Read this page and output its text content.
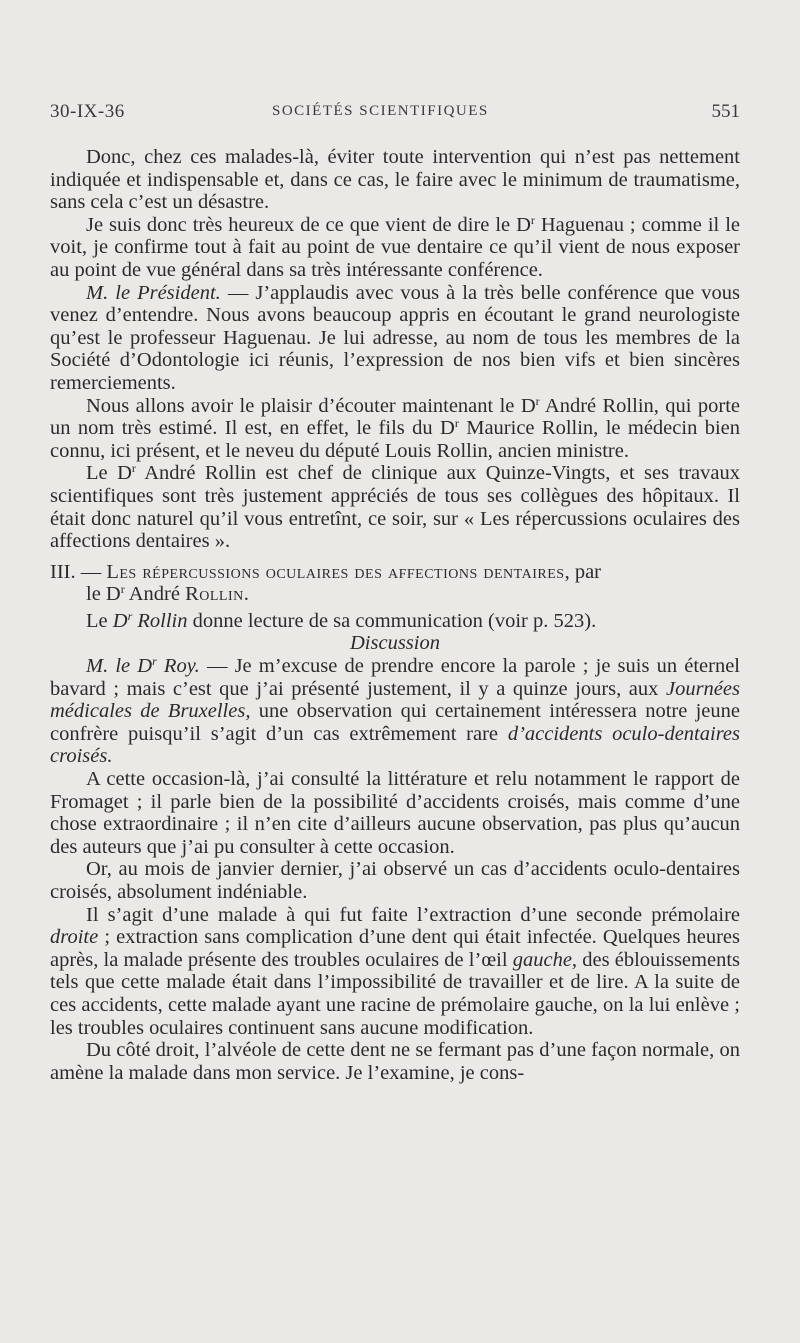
30-IX-36	SOCIÉTÉS SCIENTIFIQUES	551

Donc, chez ces malades-là, éviter toute intervention qui n’est pas nettement indiquée et indispensable et, dans ce cas, le faire avec le minimum de traumatisme, sans cela c’est un désastre.

Je suis donc très heureux de ce que vient de dire le $D^r$ Haguenau ; comme il le voit, je confirme tout à fait au point de vue dentaire ce qu’il vient de nous exposer au point de vue général dans sa très intéressante conférence.

M. le Président. — J’applaudis avec vous à la très belle conférence que vous venez d’entendre. Nous avons beaucoup appris en écoutant le grand neurologiste qu’est le professeur Haguenau. Je lui adresse, au nom de tous les membres de la Société d’Odontologie ici réunis, l’expression de nos bien vifs et bien sincères remerciements.

Nous allons avoir le plaisir d’écouter maintenant le $D^r$ André Rollin, qui porte un nom très estimé. Il est, en effet, le fils du $D^r$ Maurice Rollin, le médecin bien connu, ici présent, et le neveu du député Louis Rollin, ancien ministre.

Le $D^r$ André Rollin est chef de clinique aux Quinze-Vingts, et ses travaux scientifiques sont très justement appréciés de tous ses collègues des hôpitaux. Il était donc naturel qu’il vous entretînt, ce soir, sur « Les répercussions oculaires des affections dentaires ».

III. — Les répercussions oculaires des affections dentaires, par
le $D^r$ André Rollin.

Le $D^r$ Rollin donne lecture de sa communication (voir p. 523).

Discussion

M. le $D^r$ Roy. — Je m’excuse de prendre encore la parole ; je suis un éternel bavard ; mais c’est que j’ai présenté justement, il y a quinze jours, aux Journées médicales de Bruxelles, une observation qui certainement intéressera notre jeune confrère puisqu’il s’agit d’un cas extrêmement rare d’accidents oculo-dentaires croisés.

A cette occasion-là, j’ai consulté la littérature et relu notamment le rapport de Fromaget ; il parle bien de la possibilité d’accidents croisés, mais comme d’une chose extraordinaire ; il n’en cite d’ailleurs aucune observation, pas plus qu’aucun des auteurs que j’ai pu consulter à cette occasion.

Or, au mois de janvier dernier, j’ai observé un cas d’accidents oculo-dentaires croisés, absolument indéniable.

Il s’agit d’une malade à qui fut faite l’extraction d’une seconde prémolaire droite ; extraction sans complication d’une dent qui était infectée. Quelques heures après, la malade présente des troubles oculaires de l’œil gauche, des éblouissements tels que cette malade était dans l’impossibilité de travailler et de lire. A la suite de ces accidents, cette malade ayant une racine de prémolaire gauche, on la lui enlève ; les troubles oculaires continuent sans aucune modification.

Du côté droit, l’alvéole de cette dent ne se fermant pas d’une façon normale, on amène la malade dans mon service. Je l’examine, je cons-
